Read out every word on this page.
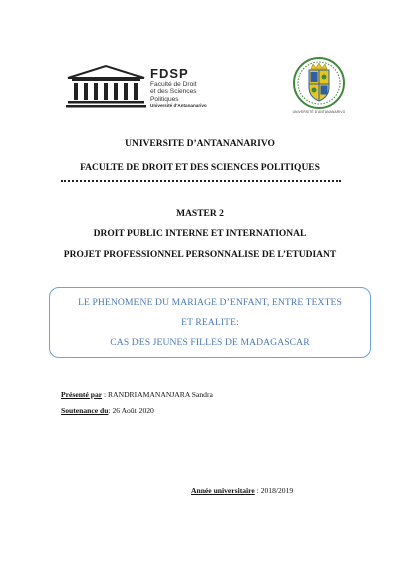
FDSP
Faculté de Droit
et des Sciences Politiques
Université d'Antananarivo
UNIVERSITÉ D'ANTANANARIVO
UNIVERSITE D’ANTANANARIVO
FACULTE DE DROIT ET DES SCIENCES POLITIQUES
MASTER 2
DROIT PUBLIC INTERNE ET INTERNATIONAL
PROJET PROFESSIONNEL PERSONNALISE DE L’ETUDIANT
LE PHENOMENE DU MARIAGE D’ENFANT, ENTRE TEXTES
ET REALITE:
CAS DES JEUNES FILLES DE MADAGASCAR
Présenté par : RANDRIAMANANJARA Sandra
Soutenance du: 26 Août 2020
Année universitaire : 2018/2019
